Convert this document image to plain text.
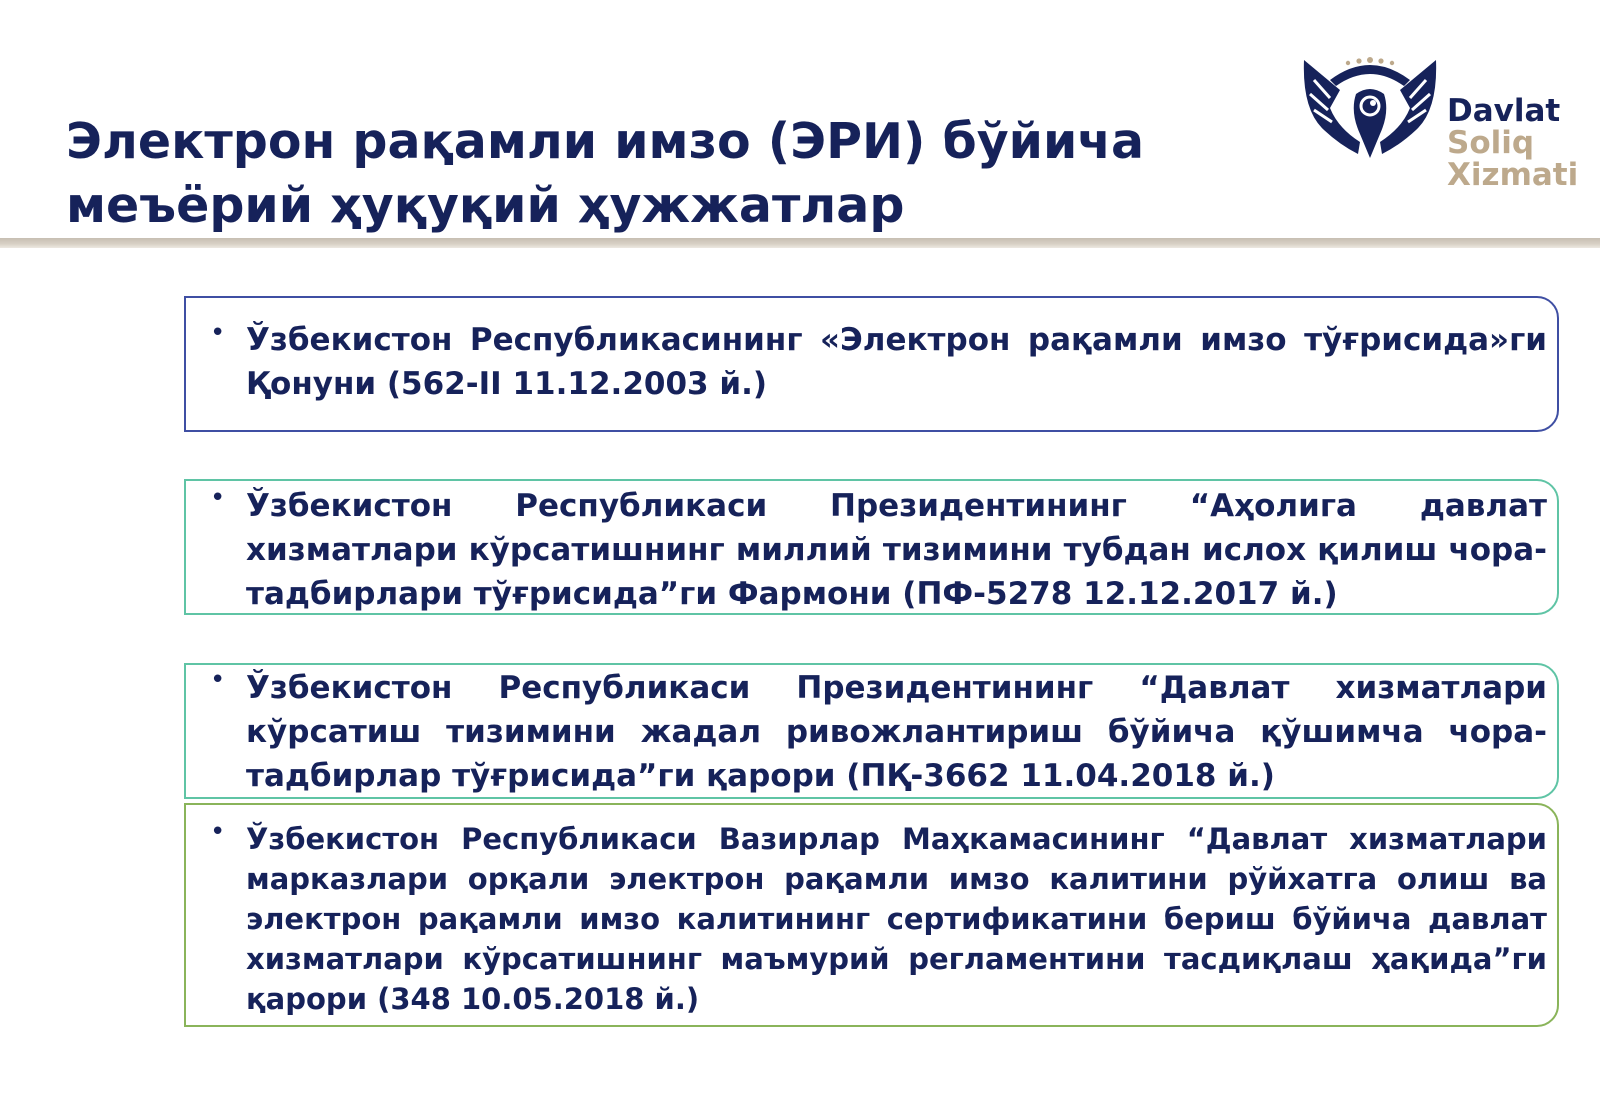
Электрон рақамли имзо (ЭРИ) бўйича
меъёрий ҳуқуқий ҳужжатлар
Davlat
Soliq
Xizmati
• Ўзбекистон Республикасининг «Электрон рақамли имзо тўғрисида»ги Қонуни (562-II 11.12.2003 й.)

• Ўзбекистон Республикаси Президентининг “Аҳолига давлат хизматлари кўрсатишнинг миллий тизимини тубдан ислох қилиш чора-тадбирлари тўғрисида”ги Фармони (ПФ-5278 12.12.2017 й.)

• Ўзбекистон Республикаси Президентининг “Давлат хизматлари кўрсатиш тизимини жадал ривожлантириш бўйича қўшимча чора-тадбирлар тўғрисида”ги қарори (ПҚ-3662 11.04.2018 й.)

• Ўзбекистон Республикаси Вазирлар Маҳкамасининг “Давлат хизматлари марказлари орқали электрон рақамли имзо калитини рўйхатга олиш ва электрон рақамли имзо калитининг сертификатини бериш бўйича давлат хизматлари кўрсатишнинг маъмурий регламентини тасдиқлаш ҳақида”ги қарори (348 10.05.2018 й.)
